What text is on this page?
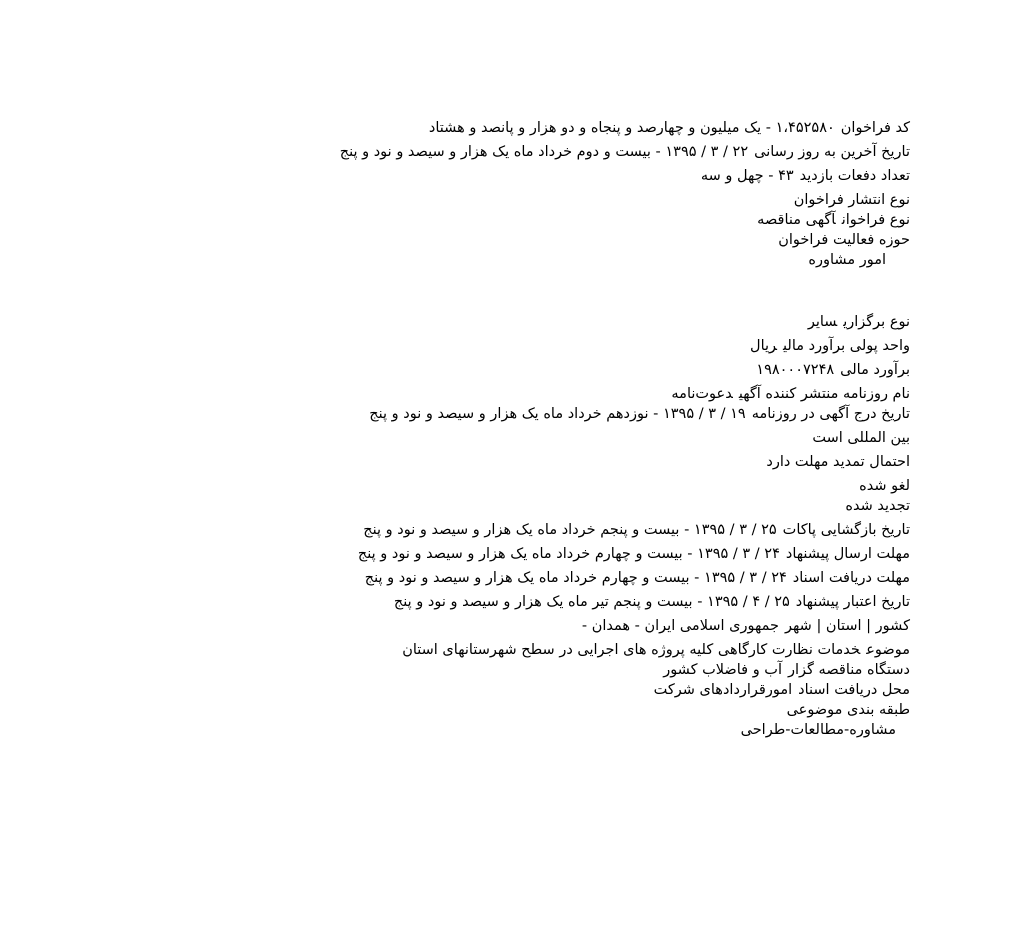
کد فراخوان۱،۴۵۲۵۸۰ - یک میلیون و چهارصد و پنجاه و دو هزار و پانصد و هشتاد

تاریخ آخرین به روز رسانی۲۲ / ۳ / ۱۳۹۵ - بیست و دوم خرداد ماه یک هزار و سیصد و نود و پنج

تعداد دفعات بازدید۴۳ - چهل و سه

نوع انتشار فراخوان

نوع فراخوانآگهی مناقصه

حوزه فعالیت فراخوان

امور مشاوره

نوع برگزاریسایر

واحد پولی برآورد مالیریال

برآورد مالی۱۹۸۰۰۰۷۲۴۸

نام روزنامه منتشر کننده آگهیدعوت‌نامه

تاریخ درج آگهی در روزنامه۱۹ / ۳ / ۱۳۹۵ - نوزدهم خرداد ماه یک هزار و سیصد و نود و پنج

بین المللی است

احتمال تمدید مهلت دارد

لغو شده

تجدید شده

تاریخ بازگشایی پاکات۲۵ / ۳ / ۱۳۹۵ - بیست و پنجم خرداد ماه یک هزار و سیصد و نود و پنج

مهلت ارسال پیشنهاد۲۴ / ۳ / ۱۳۹۵ - بیست و چهارم خرداد ماه یک هزار و سیصد و نود و پنج

مهلت دریافت اسناد۲۴ / ۳ / ۱۳۹۵ - بیست و چهارم خرداد ماه یک هزار و سیصد و نود و پنج

تاریخ اعتبار پیشنهاد۲۵ / ۴ / ۱۳۹۵ - بیست و پنجم تیر ماه یک هزار و سیصد و نود و پنج

کشور | استان | شهرجمهوری اسلامی ایران - همدان -

موضوعخدمات نظارت کارگاهی کلیه پروژه های اجرایی در سطح شهرستانهای استان

دستگاه مناقصه گزارآب و فاضلاب کشور

محل دریافت اسنادامورقراردادهای شرکت

طبقه بندی موضوعی

مشاوره-مطالعات-طراحی
